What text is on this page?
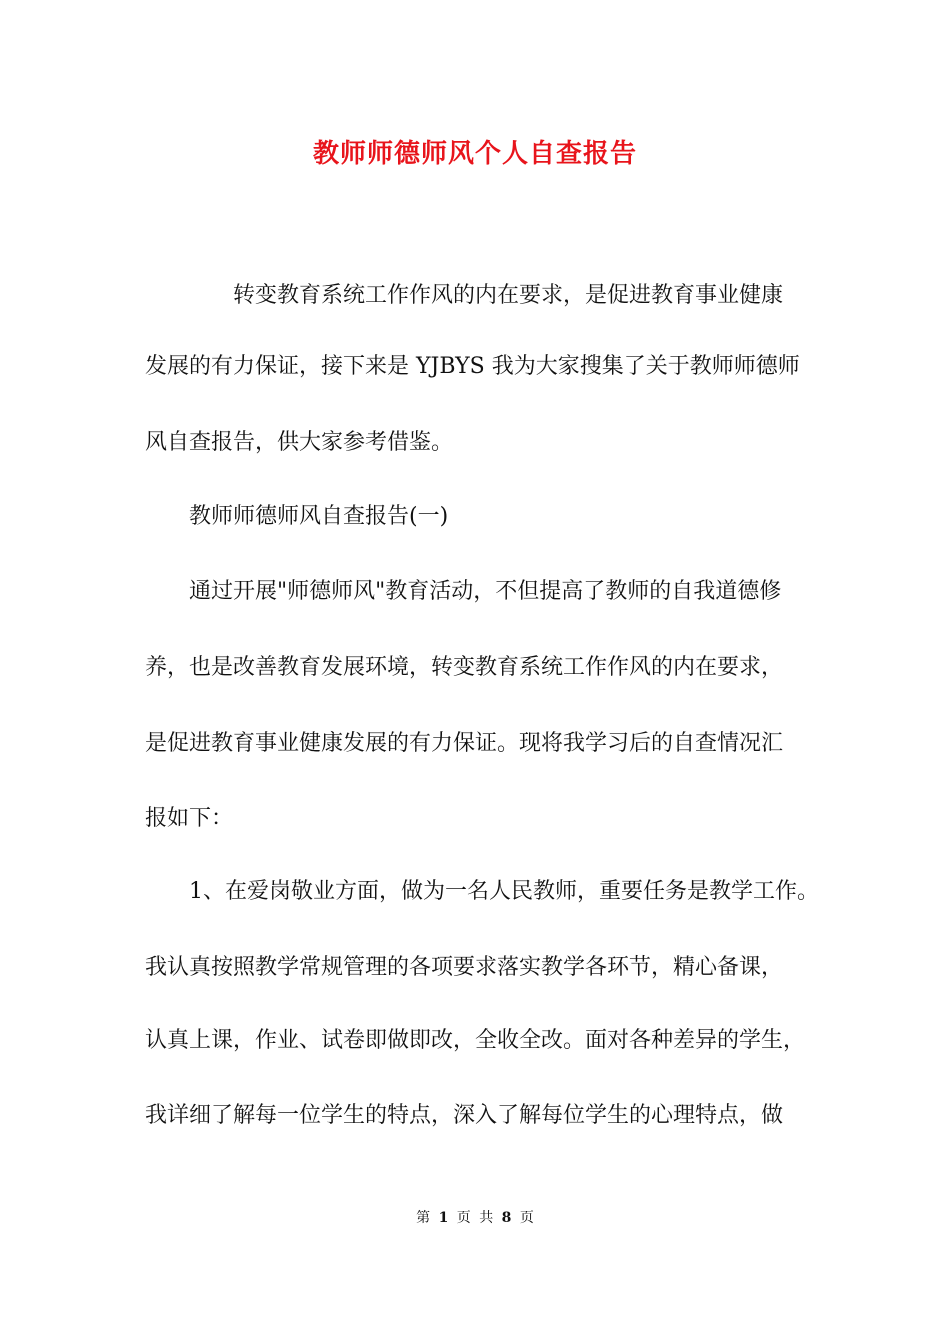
教师师德师风个人自查报告
转变教育系统工作作风的内在要求，是促进教育事业健康
发展的有力保证，接下来是 YJBYS 我为大家搜集了关于教师师德师
风自查报告，供大家参考借鉴。
教师师德师风自查报告(一)
通过开展"师德师风"教育活动，不但提高了教师的自我道德修
养，也是改善教育发展环境，转变教育系统工作作风的内在要求，
是促进教育事业健康发展的有力保证。现将我学习后的自查情况汇
报如下：
1、在爱岗敬业方面，做为一名人民教师，重要任务是教学工作。
我认真按照教学常规管理的各项要求落实教学各环节，精心备课，
认真上课，作业、试卷即做即改，全收全改。面对各种差异的学生，
我详细了解每一位学生的特点，深入了解每位学生的心理特点，做
第 1 页 共 8 页
